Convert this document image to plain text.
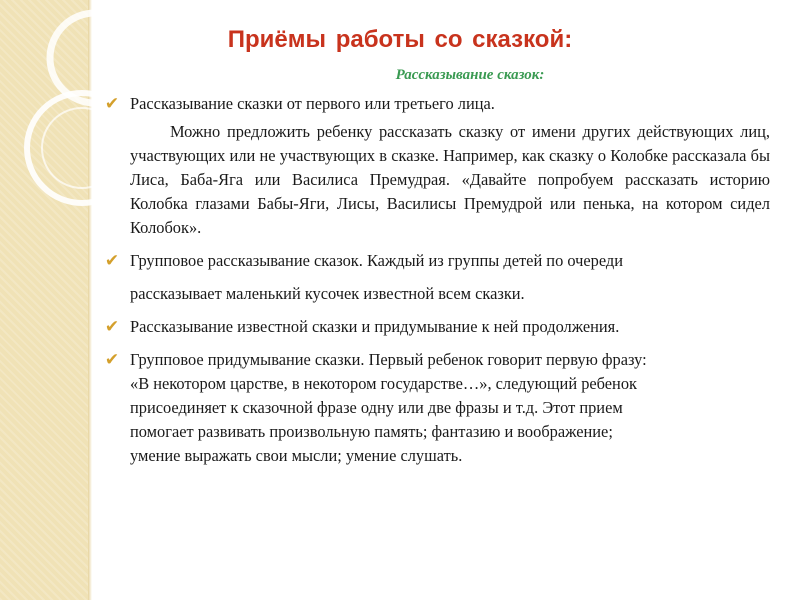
Приёмы работы со сказкой:
Рассказывание сказок:
✔ Рассказывание сказки от первого или третьего лица.
Можно предложить ребенку рассказать сказку от имени других действующих лиц, участвующих или не участвующих в сказке. Например, как сказку о Колобке рассказала бы Лиса, Баба-Яга или Василиса Премудрая. «Давайте попробуем рассказать историю Колобка глазами Бабы-Яги, Лисы, Василисы Премудрой или пенька, на котором сидел Колобок».
✔ Групповое рассказывание сказок. Каждый из группы детей по очереди
рассказывает маленький кусочек известной всем сказки.
✔ Рассказывание известной сказки и придумывание к ней продолжения.
✔ Групповое придумывание сказки. Первый ребенок говорит первую фразу:
«В некотором царстве, в некотором государстве…», следующий ребенок
присоединяет к сказочной фразе одну или две фразы и т.д. Этот прием
помогает развивать произвольную память; фантазию и воображение;
умение выражать свои мысли; умение слушать.
